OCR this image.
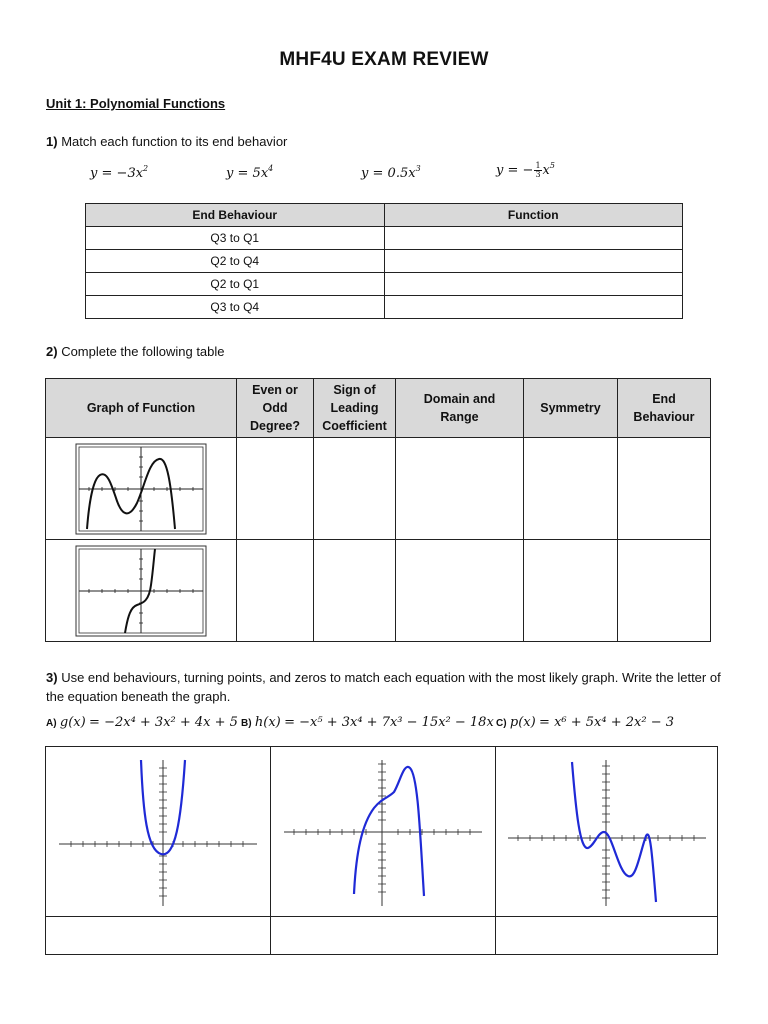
MHF4U EXAM REVIEW
Unit 1: Polynomial Functions
1) Match each function to its end behavior
$y = -3x^2$	$y = 5x^4$	$y = 0.5x^3$	y = − $\frac{1}{3} x^5$
End Behaviour	Function
Q3 to Q1	
Q2 to Q4	
Q2 to Q1	
Q3 to Q4	
2) Complete the following table
Graph of Function	Even or Odd Degree?	Sign of Leading Coefficient	Domain and Range	Symmetry	End Behaviour

3) Use end behaviours, turning points, and zeros to match each equation with the most likely graph. Write the letter of the equation beneath the graph.
A) g(x) = −2x⁴ + 3x² + 4x + 5 B) h(x) = −x⁵ + 3x⁴ + 7x³ − 15x² − 18x C) p(x) = x⁶ + 5x⁴ + 2x² − 3
